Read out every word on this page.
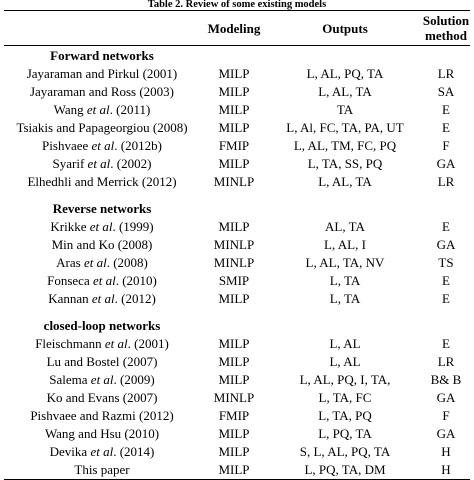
Table 2. Review of some existing models
	Modeling	Outputs	Solution
method
Forward networks			
Jayaraman and Pirkul (2001)	MILP	L, AL, PQ, TA	LR
Jayaraman and Ross (2003)	MILP	L, AL, TA	SA
Wang et al. (2011)	MILP	TA	E
Tsiakis and Papageorgiou (2008)	MILP	L, Al, FC, TA, PA, UT	E
Pishvaee et al. (2012b)	FMIP	L, AL, TM, FC, PQ	F
Syarif et al. (2002)	MILP	L, TA, SS, PQ	GA
Elhedhli and Merrick (2012)	MINLP	L, AL, TA	LR

Reverse networks			
Krikke et al. (1999)	MILP	AL, TA	E
Min and Ko (2008)	MINLP	L, AL, I	GA
Aras et al. (2008)	MINLP	L, AL, TA, NV	TS
Fonseca et al. (2010)	SMIP	L, TA	E
Kannan et al. (2012)	MILP	L, TA	E

closed-loop networks			
Fleischmann et al. (2001)	MILP	L, AL	E
Lu and Bostel (2007)	MILP	L, AL	LR
Salema et al. (2009)	MILP	L, AL, PQ, I, TA,	B& B
Ko and Evans (2007)	MINLP	L, TA, FC	GA
Pishvaee and Razmi (2012)	FMIP	L, TA, PQ	F
Wang and Hsu (2010)	MILP	L, PQ, TA	GA
Devika et al. (2014)	MILP	S, L, AL, PQ, TA	H
This paper	MILP	L, PQ, TA, DM	H
